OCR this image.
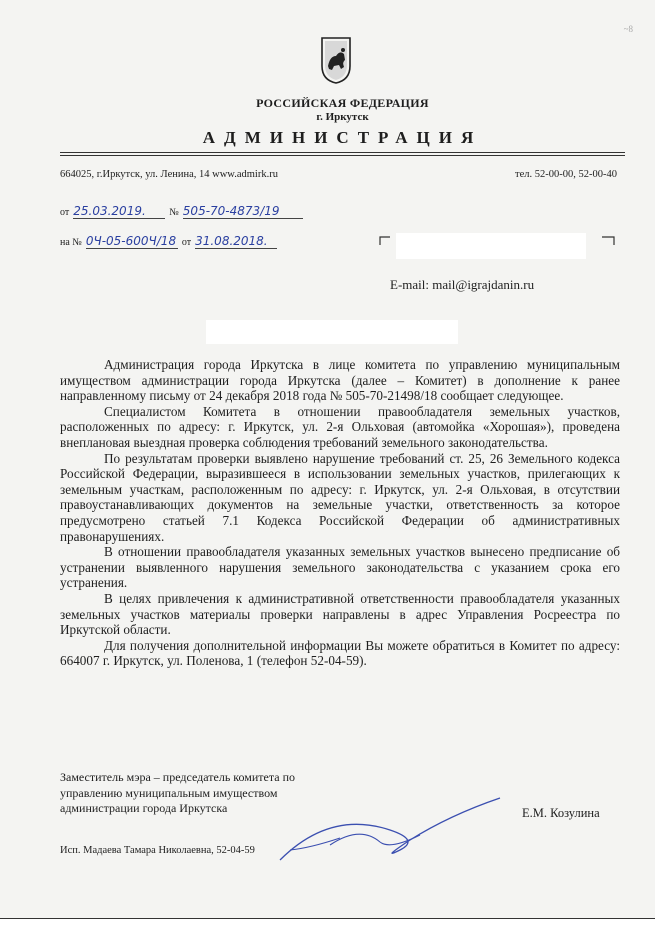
~8
РОССИЙСКАЯ ФЕДЕРАЦИЯ
г. Иркутск
АДМИНИСТРАЦИЯ
664025, г.Иркутск, ул. Ленина, 14 www.admirk.ru	тел. 52-00-00, 52-00-40
от 25.03.2019. № 505-70-4873/19
на № 0Ч-05-600Ч/18 от 31.08.2018.
E-mail: mail@igrajdanin.ru

Администрация города Иркутска в лице комитета по управлению муниципальным имуществом администрации города Иркутска (далее – Комитет) в дополнение к ранее направленному письму от 24 декабря 2018 года № 505-70-21498/18 сообщает следующее.

Специалистом Комитета в отношении правообладателя земельных участков, расположенных по адресу: г. Иркутск, ул. 2-я Ольховая (автомойка «Хорошая»), проведена внеплановая выездная проверка соблюдения требований земельного законодательства.

По результатам проверки выявлено нарушение требований ст. 25, 26 Земельного кодекса Российской Федерации, выразившееся в использовании земельных участков, прилегающих к земельным участкам, расположенным по адресу: г. Иркутск, ул. 2-я Ольховая, в отсутствии правоустанавливающих документов на земельные участки, ответственность за которое предусмотрено статьей 7.1 Кодекса Российской Федерации об административных правонарушениях.

В отношении правообладателя указанных земельных участков вынесено предписание об устранении выявленного нарушения земельного законодательства с указанием срока его устранения.

В целях привлечения к административной ответственности правообладателя указанных земельных участков материалы проверки направлены в адрес Управления Росреестра по Иркутской области.

Для получения дополнительной информации Вы можете обратиться в Комитет по адресу: 664007 г. Иркутск, ул. Поленова, 1 (телефон 52-04-59).

Заместитель мэра – председатель комитета по
управлению муниципальным имуществом
администрации города Иркутска	Е.М. Козулина
Исп. Мадаева Тамара Николаевна, 52-04-59
